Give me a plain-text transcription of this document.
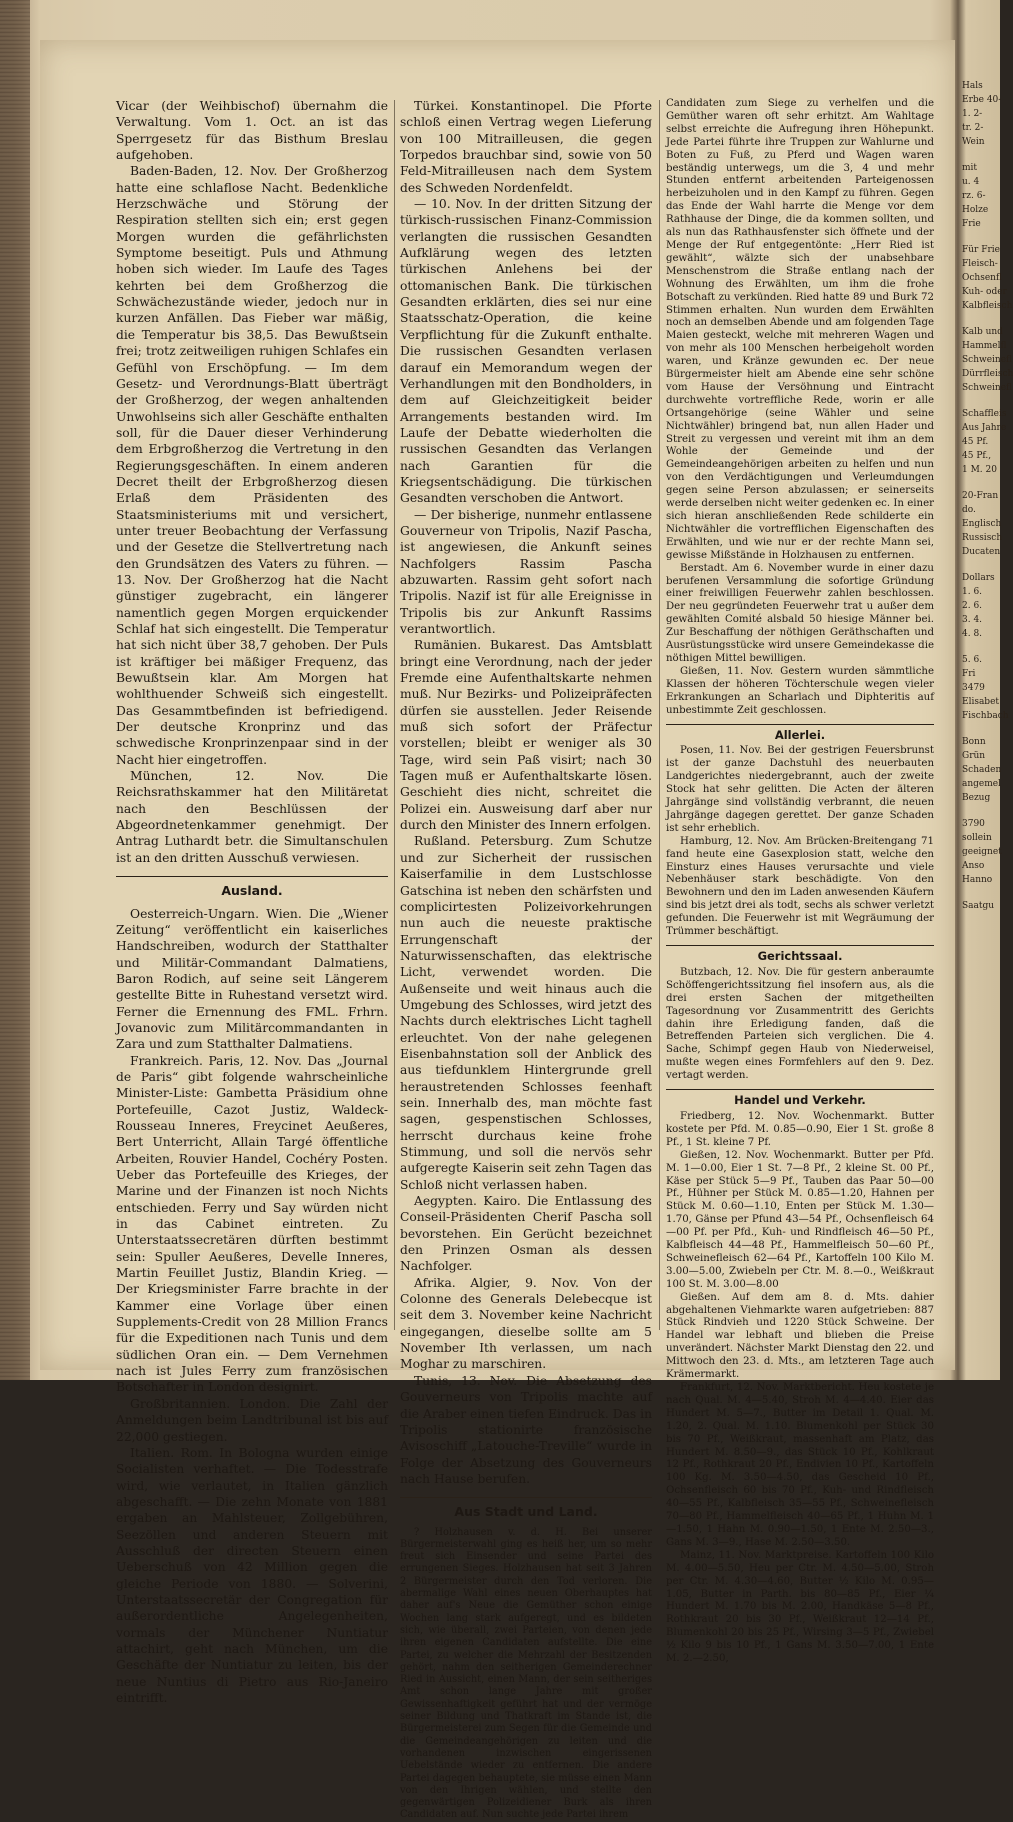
Vicar (der Weihbischof) übernahm die Verwaltung. Vom 1. Oct. an ist das Sperrgesetz für das Bisthum Breslau aufgehoben.

Baden-Baden, 12. Nov. Der Großherzog hatte eine schlaflose Nacht. Bedenkliche Herzschwäche und Störung der Respiration stellten sich ein; erst gegen Morgen wurden die gefährlichsten Symptome beseitigt. Puls und Athmung hoben sich wieder. Im Laufe des Tages kehrten bei dem Großherzog die Schwächezustände wieder, jedoch nur in kurzen Anfällen. Das Fieber war mäßig, die Temperatur bis 38,5. Das Bewußtsein frei; trotz zeitweiligen ruhigen Schlafes ein Gefühl von Erschöpfung. — Im dem Gesetz- und Verordnungs-Blatt überträgt der Großherzog, der wegen anhaltenden Unwohlseins sich aller Geschäfte enthalten soll, für die Dauer dieser Verhinderung dem Erbgroßherzog die Vertretung in den Regierungsgeschäften. In einem anderen Decret theilt der Erbgroßherzog diesen Erlaß dem Präsidenten des Staatsministeriums mit und versichert, unter treuer Beobachtung der Verfassung und der Gesetze die Stellvertretung nach den Grundsätzen des Vaters zu führen. — 13. Nov. Der Großherzog hat die Nacht günstiger zugebracht, ein längerer namentlich gegen Morgen erquickender Schlaf hat sich eingestellt. Die Temperatur hat sich nicht über 38,7 gehoben. Der Puls ist kräftiger bei mäßiger Frequenz, das Bewußtsein klar. Am Morgen hat wohlthuender Schweiß sich eingestellt. Das Gesammtbefinden ist befriedigend. Der deutsche Kronprinz und das schwedische Kronprinzenpaar sind in der Nacht hier eingetroffen.

München, 12. Nov. Die Reichsrathskammer hat den Militäretat nach den Beschlüssen der Abgeordnetenkammer genehmigt. Der Antrag Luthardt betr. die Simultanschulen ist an den dritten Ausschuß verwiesen.

Ausland.

Oesterreich-Ungarn. Wien. Die „Wiener Zeitung“ veröffentlicht ein kaiserliches Handschreiben, wodurch der Statthalter und Militär-Commandant Dalmatiens, Baron Rodich, auf seine seit Längerem gestellte Bitte in Ruhestand versetzt wird. Ferner die Ernennung des FML. Frhrn. Jovanovic zum Militärcommandanten in Zara und zum Statthalter Dalmatiens.

Frankreich. Paris, 12. Nov. Das „Journal de Paris“ gibt folgende wahrscheinliche Minister-Liste: Gambetta Präsidium ohne Portefeuille, Cazot Justiz, Waldeck-Rousseau Inneres, Freycinet Aeußeres, Bert Unterricht, Allain Targé öffentliche Arbeiten, Rouvier Handel, Cochéry Posten. Ueber das Portefeuille des Krieges, der Marine und der Finanzen ist noch Nichts entschieden. Ferry und Say würden nicht in das Cabinet eintreten. Zu Unterstaatssecretären dürften bestimmt sein: Spuller Aeußeres, Develle Inneres, Martin Feuillet Justiz, Blandin Krieg. — Der Kriegsminister Farre brachte in der Kammer eine Vorlage über einen Supplements-Credit von 28 Million Francs für die Expeditionen nach Tunis und dem südlichen Oran ein. — Dem Vernehmen nach ist Jules Ferry zum französischen Botschafter in London designirt.

Großbritannien. London. Die Zahl der Anmeldungen beim Landtribunal ist bis auf 22,000 gestiegen.

Italien. Rom. In Bologna wurden einige Socialisten verhaftet. — Die Todesstrafe wird, wie verlautet, in Italien gänzlich abgeschafft. — Die zehn Monate von 1881 ergaben an Mahlsteuer, Zollgebühren, Seezöllen und anderen Steuern mit Ausschluß der directen Steuern einen Ueberschuß von 42 Million gegen die gleiche Periode von 1880. — Solverini, Unterstaatssecretär der Congregation für außerordentliche Angelegenheiten, vormals der Münchener Nuntiatur attachirt, geht nach München, um die Geschäfte der Nuntiatur zu leiten, bis der neue Nuntius di Pietro aus Rio-Janeiro eintrifft.

Türkei. Konstantinopel. Die Pforte schloß einen Vertrag wegen Lieferung von 100 Mitrailleusen, die gegen Torpedos brauchbar sind, sowie von 50 Feld-Mitrailleusen nach dem System des Schweden Nordenfeldt.

— 10. Nov. In der dritten Sitzung der türkisch-russischen Finanz-Commission verlangten die russischen Gesandten Aufklärung wegen des letzten türkischen Anlehens bei der ottomanischen Bank. Die türkischen Gesandten erklärten, dies sei nur eine Staatsschatz-Operation, die keine Verpflichtung für die Zukunft enthalte. Die russischen Gesandten verlasen darauf ein Memorandum wegen der Verhandlungen mit den Bondholders, in dem auf Gleichzeitigkeit beider Arrangements bestanden wird. Im Laufe der Debatte wiederholten die russischen Gesandten das Verlangen nach Garantien für die Kriegsentschädigung. Die türkischen Gesandten verschoben die Antwort.

— Der bisherige, nunmehr entlassene Gouverneur von Tripolis, Nazif Pascha, ist angewiesen, die Ankunft seines Nachfolgers Rassim Pascha abzuwarten. Rassim geht sofort nach Tripolis. Nazif ist für alle Ereignisse in Tripolis bis zur Ankunft Rassims verantwortlich.

Rumänien. Bukarest. Das Amtsblatt bringt eine Verordnung, nach der jeder Fremde eine Aufenthaltskarte nehmen muß. Nur Bezirks- und Polizeipräfecten dürfen sie ausstellen. Jeder Reisende muß sich sofort der Präfectur vorstellen; bleibt er weniger als 30 Tage, wird sein Paß visirt; nach 30 Tagen muß er Aufenthaltskarte lösen. Geschieht dies nicht, schreitet die Polizei ein. Ausweisung darf aber nur durch den Minister des Innern erfolgen.

Rußland. Petersburg. Zum Schutze und zur Sicherheit der russischen Kaiserfamilie in dem Lustschlosse Gatschina ist neben den schärfsten und complicirtesten Polizeivorkehrungen nun auch die neueste praktische Errungenschaft der Naturwissenschaften, das elektrische Licht, verwendet worden. Die Außenseite und weit hinaus auch die Umgebung des Schlosses, wird jetzt des Nachts durch elektrisches Licht taghell erleuchtet. Von der nahe gelegenen Eisenbahnstation soll der Anblick des aus tiefdunklem Hintergrunde grell heraustretenden Schlosses feenhaft sein. Innerhalb des, man möchte fast sagen, gespenstischen Schlosses, herrscht durchaus keine frohe Stimmung, und soll die nervös sehr aufgeregte Kaiserin seit zehn Tagen das Schloß nicht verlassen haben.

Aegypten. Kairo. Die Entlassung des Conseil-Präsidenten Cherif Pascha soll bevorstehen. Ein Gerücht bezeichnet den Prinzen Osman als dessen Nachfolger.

Afrika. Algier, 9. Nov. Von der Colonne des Generals Delebecque ist seit dem 3. November keine Nachricht eingegangen, dieselbe sollte am 5 November Ith verlassen, um nach Moghar zu marschiren.

Tunis, 13. Nov. Die Absetzung des Gouverneurs von Tripolis machte auf die Araber einen tiefen Eindruck. Das in Tripolis stationirte französische Avisoschiff „Latouche-Treville“ wurde in Folge der Absetzung des Gouverneurs nach Hause berufen.

Aus Stadt und Land.

? Holzhausen v. d. H. Bei unserer Bürgermeisterwahl ging es heiß her, um so mehr freut sich Einsender und seine Partei des errungenen Sieges. Holzhausen hat seit 3 Jahren 2 Bürgermeister durch den Tod verloren. Die abermalige Wahl eines neuen Oberhauptes hat daher auf's Neue die Gemüther schon einige Wochen lang stark aufgeregt, und es bildeten sich, wie überall, zwei Parteien, von denen jede ihren eigenen Candidaten aufstellte. Die eine Partei, zu welcher die Mehrzahl der Besitzenden gehört, nahm den seitherigen Gemeinderechner Ried in Aussicht, einen Mann, der sein seitheriges Amt schon lange Jahre mit großer Gewissenhaftigkeit geführt hat und der vermöge seiner Bildung und Thatkraft im Stande ist, die Bürgermeisterei zum Segen für die Gemeinde und die Gemeindeangehörigen zu leiten und die vorhandenen inzwischen eingerissenen Uebelstände wieder zu entfernen. Die andere Partei dagegen behauptete, sie müsse einen Mann von den Ihrigen wählen, und stellte den gegenwärtigen Polizeidiener Burk als ihren Candidaten auf. Nun suchte jede Partei ihrem

Candidaten zum Siege zu verhelfen und die Gemüther waren oft sehr erhitzt. Am Wahltage selbst erreichte die Aufregung ihren Höhepunkt. Jede Partei führte ihre Truppen zur Wahlurne und Boten zu Fuß, zu Pferd und Wagen waren beständig unterwegs, um die 3, 4 und mehr Stunden entfernt arbeitenden Parteigenossen herbeizuholen und in den Kampf zu führen. Gegen das Ende der Wahl harrte die Menge vor dem Rathhause der Dinge, die da kommen sollten, und als nun das Rathhausfenster sich öffnete und der Menge der Ruf entgegentönte: „Herr Ried ist gewählt“, wälzte sich der unabsehbare Menschenstrom die Straße entlang nach der Wohnung des Erwählten, um ihm die frohe Botschaft zu verkünden. Ried hatte 89 und Burk 72 Stimmen erhalten. Nun wurden dem Erwählten noch an demselben Abende und am folgenden Tage Maien gesteckt, welche mit mehreren Wagen und von mehr als 100 Menschen herbeigeholt worden waren, und Kränze gewunden ec. Der neue Bürgermeister hielt am Abende eine sehr schöne vom Hause der Versöhnung und Eintracht durchwehte vortreffliche Rede, worin er alle Ortsangehörige (seine Wähler und seine Nichtwähler) bringend bat, nun allen Hader und Streit zu vergessen und vereint mit ihm an dem Wohle der Gemeinde und der Gemeindeangehörigen arbeiten zu helfen und nun von den Verdächtigungen und Verleumdungen gegen seine Person abzulassen; er seinerseits werde derselben nicht weiter gedenken ec. In einer sich hieran anschließenden Rede schilderte ein Nichtwähler die vortrefflichen Eigenschaften des Erwählten, und wie nur er der rechte Mann sei, gewisse Mißstände in Holzhausen zu entfernen.

Berstadt. Am 6. November wurde in einer dazu berufenen Versammlung die sofortige Gründung einer freiwilligen Feuerwehr zahlen beschlossen. Der neu gegründeten Feuerwehr trat u außer dem gewählten Comité alsbald 50 hiesige Männer bei. Zur Beschaffung der nöthigen Geräthschaften und Ausrüstungsstücke wird unsere Gemeindekasse die nöthigen Mittel bewilligen.

Gießen, 11. Nov. Gestern wurden sämmtliche Klassen der höheren Töchterschule wegen vieler Erkrankungen an Scharlach und Diphteritis auf unbestimmte Zeit geschlossen.

Allerlei.

Posen, 11. Nov. Bei der gestrigen Feuersbrunst ist der ganze Dachstuhl des neuerbauten Landgerichtes niedergebrannt, auch der zweite Stock hat sehr gelitten. Die Acten der älteren Jahrgänge sind vollständig verbrannt, die neuen Jahrgänge dagegen gerettet. Der ganze Schaden ist sehr erheblich.

Hamburg, 12. Nov. Am Brücken-Breitengang 71 fand heute eine Gasexplosion statt, welche den Einsturz eines Hauses verursachte und viele Nebenhäuser stark beschädigte. Von den Bewohnern und den im Laden anwesenden Käufern sind bis jetzt drei als todt, sechs als schwer verletzt gefunden. Die Feuerwehr ist mit Wegräumung der Trümmer beschäftigt.

Gerichtssaal.

Butzbach, 12. Nov. Die für gestern anberaumte Schöffengerichtssitzung fiel insofern aus, als die drei ersten Sachen der mitgetheilten Tagesordnung vor Zusammentritt des Gerichts dahin ihre Erledigung fanden, daß die Betreffenden Parteien sich verglichen. Die 4. Sache, Schimpf gegen Haub von Niederweisel, mußte wegen eines Formfehlers auf den 9. Dez. vertagt werden.

Handel und Verkehr.

Friedberg, 12. Nov. Wochenmarkt. Butter kostete per Pfd. M. 0.85—0.90, Eier 1 St. große 8 Pf., 1 St. kleine 7 Pf.

Gießen, 12. Nov. Wochenmarkt. Butter per Pfd. M. 1—0.00, Eier 1 St. 7—8 Pf., 2 kleine St. 00 Pf., Käse per Stück 5—9 Pf., Tauben das Paar 50—00 Pf., Hühner per Stück M. 0.85—1.20, Hahnen per Stück M. 0.60—1.10, Enten per Stück M. 1.30—1.70, Gänse per Pfund 43—54 Pf., Ochsenfleisch 64—00 Pf. per Pfd., Kuh- und Rindfleisch 46—50 Pf., Kalbfleisch 44—48 Pf., Hammelfleisch 50—60 Pf., Schweinefleisch 62—64 Pf., Kartoffeln 100 Kilo M. 3.00—5.00, Zwiebeln per Ctr. M. 8.—0., Weißkraut 100 St. M. 3.00—8.00

Gießen. Auf dem am 8. d. Mts. dahier abgehaltenen Viehmarkte waren aufgetrieben: 887 Stück Rindvieh und 1220 Stück Schweine. Der Handel war lebhaft und blieben die Preise unverändert. Nächster Markt Dienstag den 22. und Mittwoch den 23. d. Mts., am letzteren Tage auch Krämermarkt.

Frankfurt, 12. Nov. Marktbericht. Heu kostete je nach Qual. M. 4—5.40, Stroh M. 4—4.40. Eier das Hundert M. 5—7., Butter im Detail 1. Qual. M. 1.20, 2. Qual. M. 1.10. Blumenkohl per Stück 30 bis 70 Pf., Weißkraut, massenhaft am Platz, das Hundert M. 8.50—9., das Stück 10 Pf., Kohlkraut 12 Pf., Rothkraut 20 Pf., Endivien 10 Pf., Kartoffeln 100 Kg. M. 3.50—4.50, das Gescheid 10 Pf., Ochsenfleisch 60 bis 70 Pf., Kuh- und Rindfleisch 40—55 Pf., Kalbfleisch 35—55 Pf., Schweinefleisch 70—80 Pf., Hammelfleisch 40—65 Pf., 1 Huhn M. 1—1.50, 1 Hahn M. 0.90—1.50, 1 Ente M. 2.50—3., Gans M. 3—9., Hase M. 2.50—3.50.

Mainz, 11. Nov. Marktpreise. Kartoffeln 100 Kilo M. 4.00—5.50, Heu per Ctr. M. 4.50—5.00, Stroh per Ctr. M. 4.30—4.60, Butter ½ Kilo M. 0.95—1.05, Butter in Parth. bis 80—85 Pf., Eier ¼ Hundert M. 1.70 bis M. 2.00, Handkäse 5—8 Pf., Rothkraut 20 bis 30 Pf., Weißkraut 12—14 Pf., Blumenkohl 20 bis 25 Pf., Wirsing 3—5 Pf., Zwiebel ½ Kilo 9 bis 10 Pf., 1 Gans M. 3.50—7.00, 1 Ente M. 2.—2.50,

Hals
Erbe 40-
1. 2-
tr. 2-
Wein
mit
u. 4
rz. 6-
Holze
Frie
Für Frie
Fleisch-
Ochsenfl
Kuh- oder
Kalbfleisch
Kalb und
Hammelfl
Schweinefl
Dürrfleisch
Schweinefl
Schaffleis
Aus Jahre
45 Pf.
45 Pf.,
1 M. 20
20-Fran
do.
Englisch
Russisch
Ducaten
Dollars
1. 6.
2. 6.
3. 4.
4. 8.
5. 6.
Fri
3479
Elisabet
Fischbach
Bonn
Grün
Schaden
angemel
Bezug
3790
sollein
geeignet
Anso
Hanno
Saatgu
